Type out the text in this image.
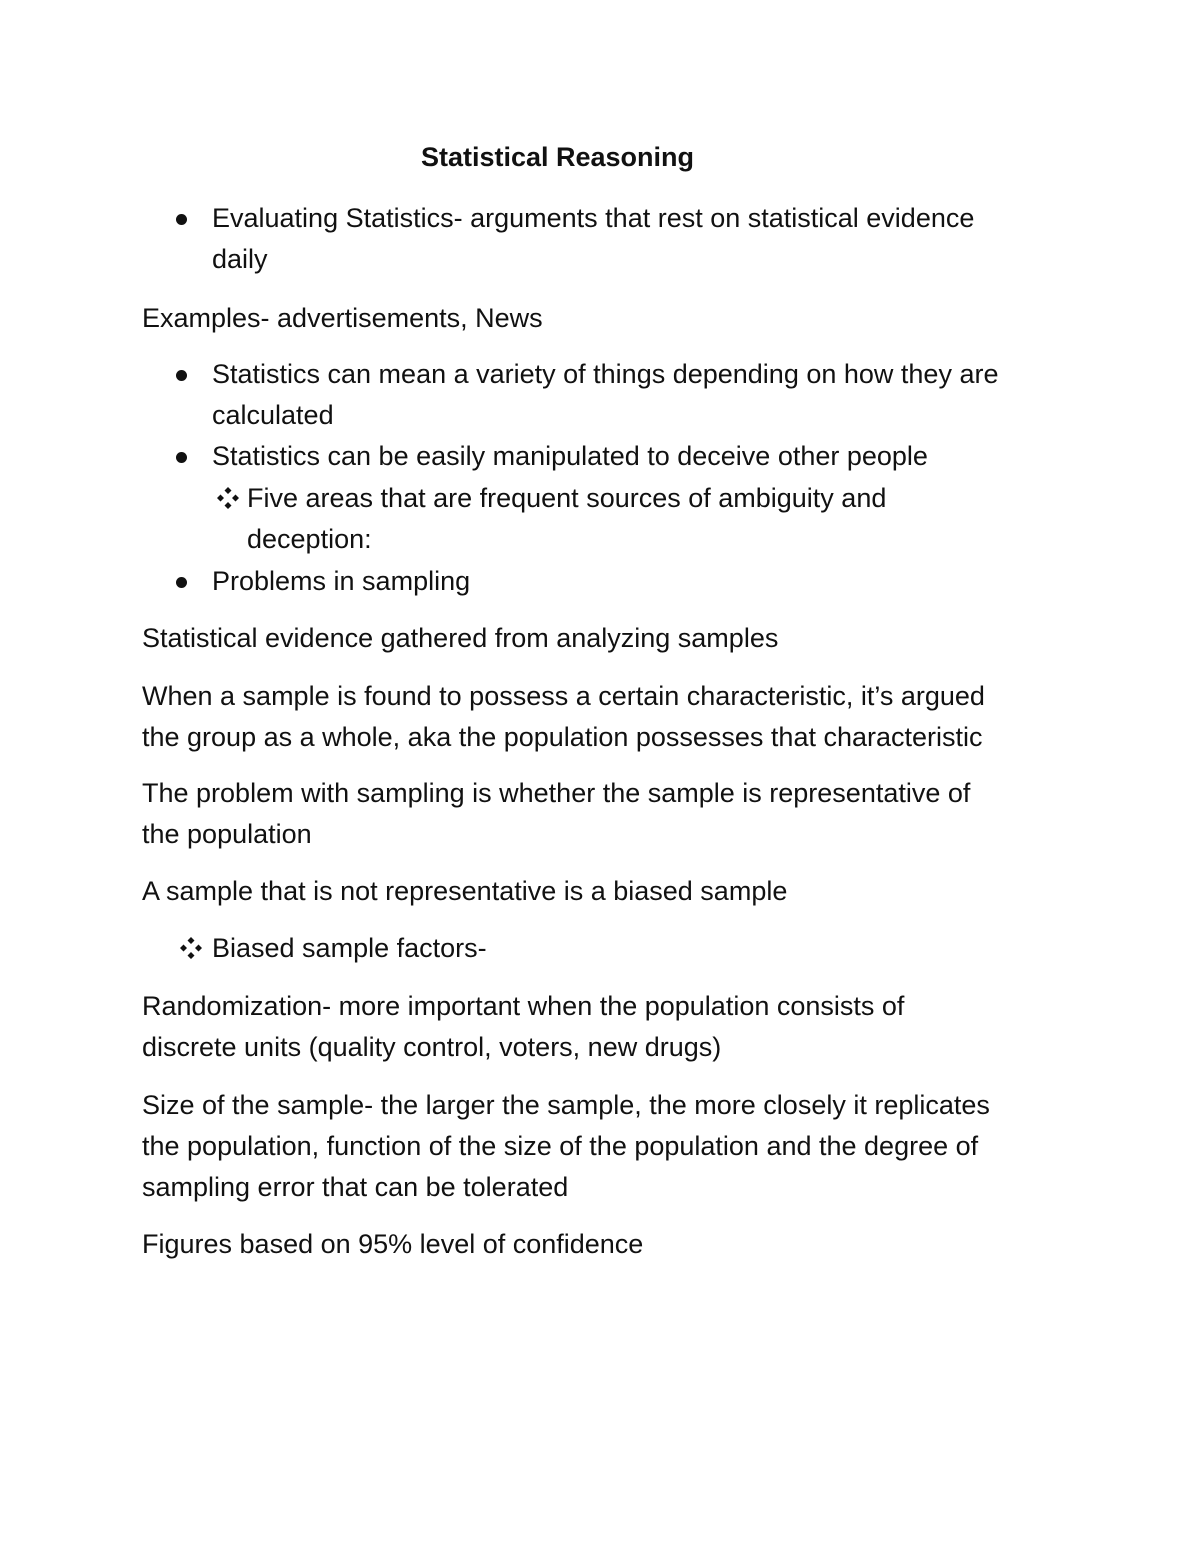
Statistical Reasoning
Evaluating Statistics- arguments that rest on statistical evidence
daily
Examples- advertisements, News
Statistics can mean a variety of things depending on how they are
calculated
Statistics can be easily manipulated to deceive other people
Five areas that are frequent sources of ambiguity and
deception:
Problems in sampling
Statistical evidence gathered from analyzing samples
When a sample is found to possess a certain characteristic, it’s argued
the group as a whole, aka the population possesses that characteristic
The problem with sampling is whether the sample is representative of
the population
A sample that is not representative is a biased sample
Biased sample factors-
Randomization- more important when the population consists of
discrete units (quality control, voters, new drugs)
Size of the sample- the larger the sample, the more closely it replicates
the population, function of the size of the population and the degree of
sampling error that can be tolerated
Figures based on 95% level of confidence
